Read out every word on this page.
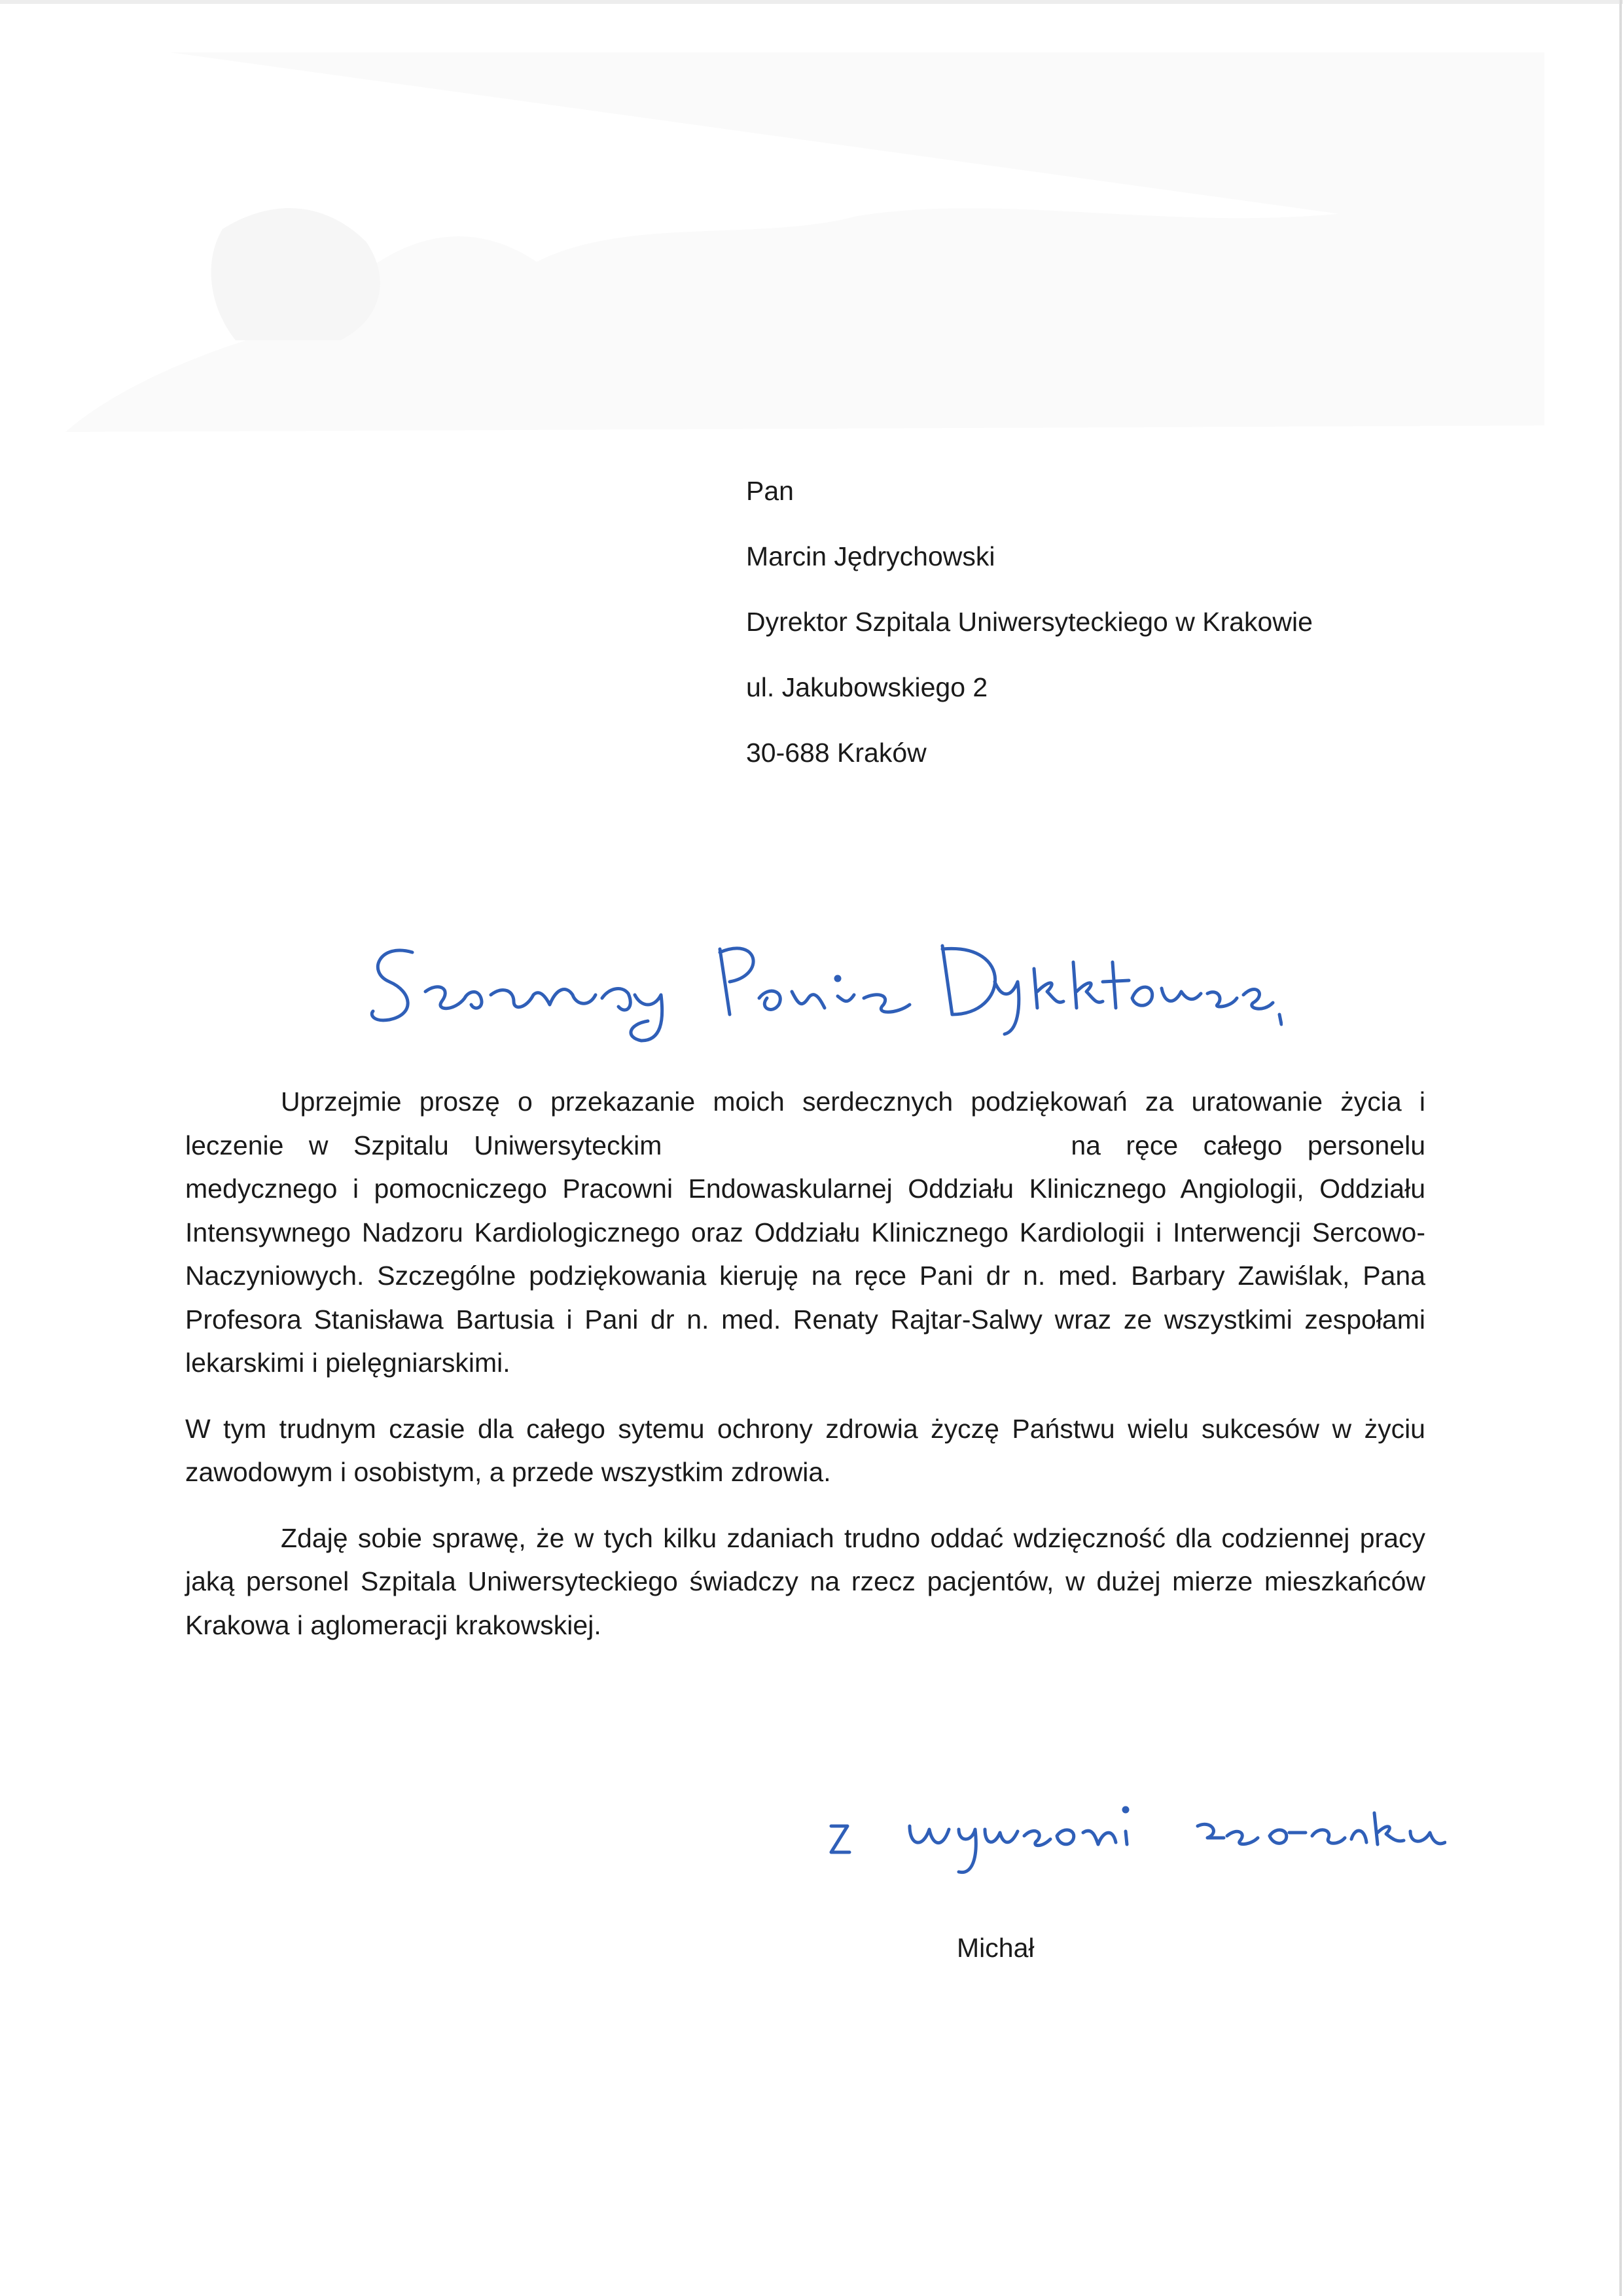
Pan
Marcin Jędrychowski
Dyrektor Szpitala Uniwersyteckiego w Krakowie
ul. Jakubowskiego 2
30-688 Kraków

Uprzejmie proszę o przekazanie moich serdecznych podziękowań za uratowanie życia i leczenie w Szpitalu Uniwersyteckim	na ręce całego personelu medycznego i pomocniczego Pracowni Endowaskularnej Oddziału Klinicznego Angiologii, Oddziału Intensywnego Nadzoru Kardiologicznego oraz Oddziału Klinicznego Kardiologii i Interwencji Sercowo-Naczyniowych. Szczególne podziękowania kieruję na ręce Pani dr n. med. Barbary Zawiślak, Pana Profesora Stanisława Bartusia i Pani dr n. med. Renaty Rajtar-Salwy wraz ze wszystkimi zespołami lekarskimi i pielęgniarskimi.

W tym trudnym czasie dla całego sytemu ochrony zdrowia życzę Państwu wielu sukcesów w życiu zawodowym i osobistym, a przede wszystkim zdrowia.

Zdaję sobie sprawę, że w tych kilku zdaniach trudno oddać wdzięczność dla codziennej pracy jaką personel Szpitala Uniwersyteckiego świadczy na rzecz pacjentów, w dużej mierze mieszkańców Krakowa i aglomeracji krakowskiej.

Michał
